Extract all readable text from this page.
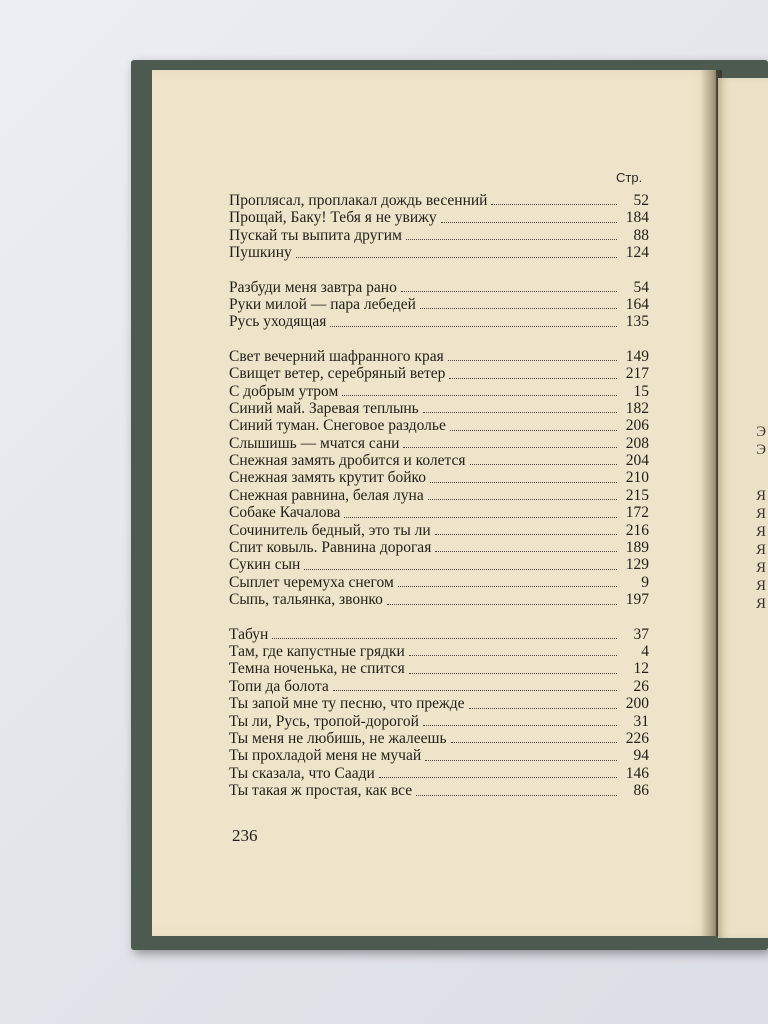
Э
Э
Я
Я
Я
Я
Я
Я
Я
Стр.
Проплясал, проплакал дождь весенний	52
Прощай, Баку! Тебя я не увижу	184
Пускай ты выпита другим	88
Пушкину	124
Разбуди меня завтра рано	54
Руки милой — пара лебедей	164
Русь уходящая	135
Свет вечерний шафранного края	149
Свищет ветер, серебряный ветер	217
С добрым утром	15
Синий май. Заревая теплынь	182
Синий туман. Снеговое раздолье	206
Слышишь — мчатся сани	208
Снежная замять дробится и колется	204
Снежная замять крутит бойко	210
Снежная равнина, белая луна	215
Собаке Качалова	172
Сочинитель бедный, это ты ли	216
Спит ковыль. Равнина дорогая	189
Сукин сын	129
Сыплет черемуха снегом	9
Сыпь, тальянка, звонко	197
Табун	37
Там, где капустные грядки	4
Темна ноченька, не спится	12
Топи да болота	26
Ты запой мне ту песню, что прежде	200
Ты ли, Русь, тропой-дорогой	31
Ты меня не любишь, не жалеешь	226
Ты прохладой меня не мучай	94
Ты сказала, что Саади	146
Ты такая ж простая, как все	86
236
